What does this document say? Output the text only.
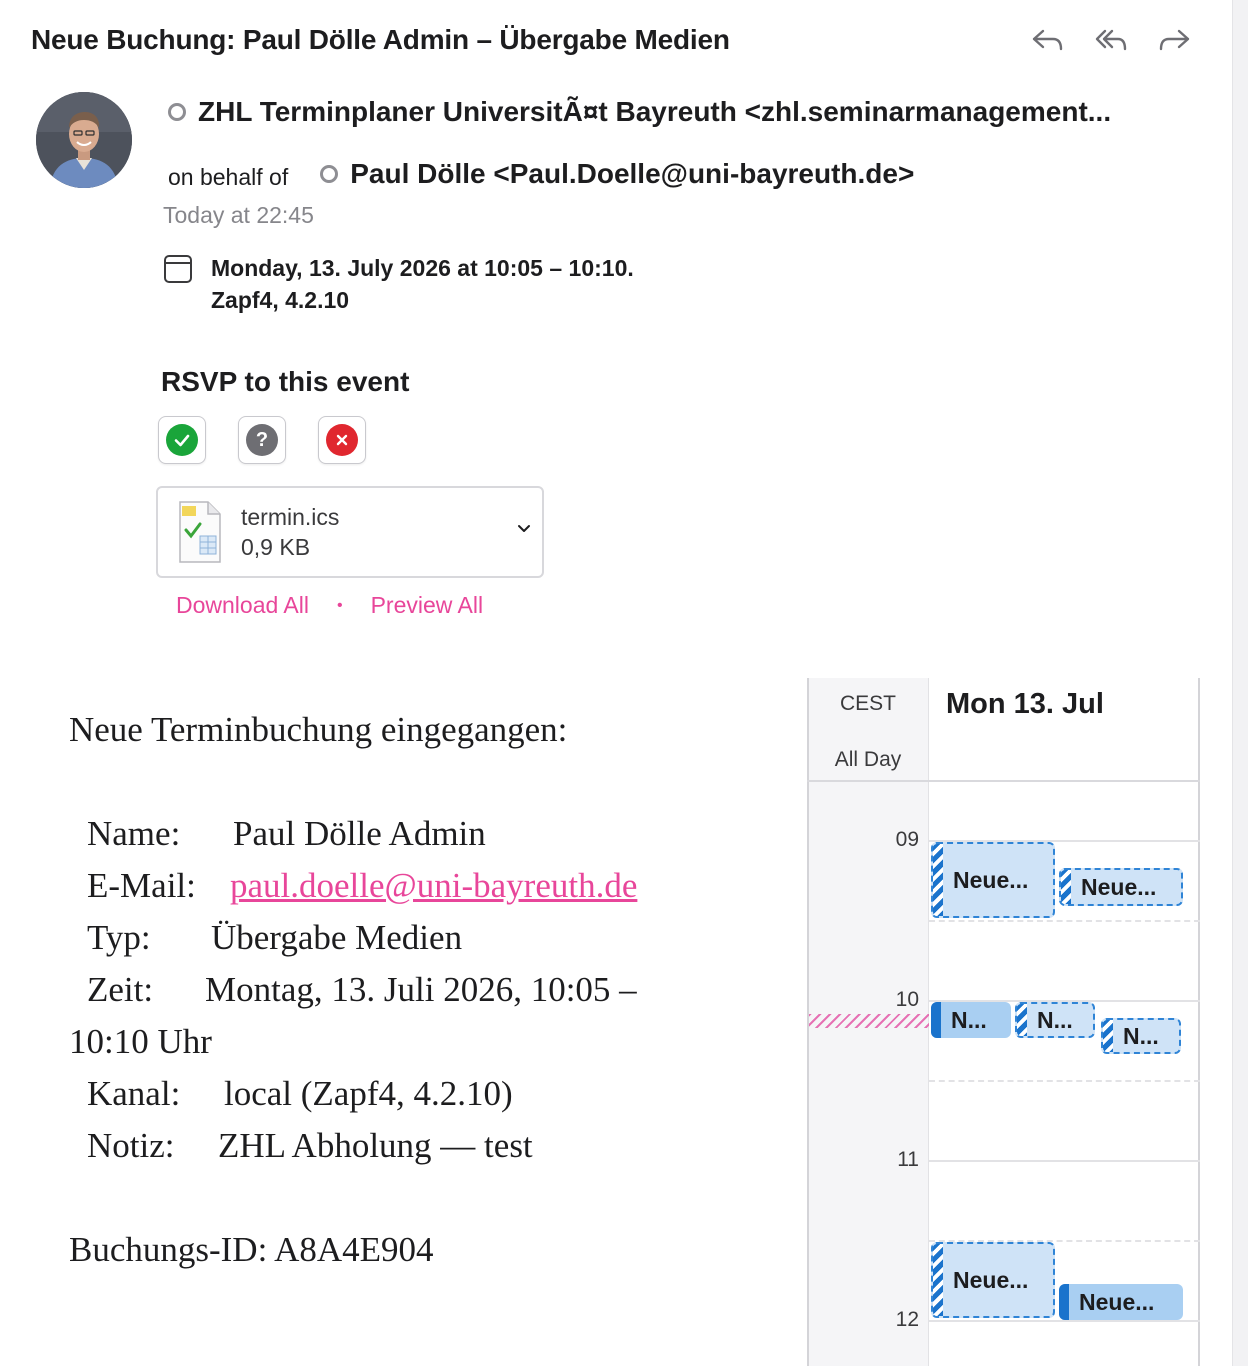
Neue Buchung: Paul Dölle Admin – Übergabe Medien
ZHL Terminplaner UniversitÃ¤t Bayreuth <zhl.seminarmanagement...
on behalf of Paul Dölle <Paul.Doelle@uni-bayreuth.de>
Today at 22:45
Monday, 13. July 2026 at 10:05 – 10:10.
Zapf4, 4.2.10
RSVP to this event
?
termin.ics
0,9 KB
Download All • Preview All
Neue Terminbuchung eingegangen:
Name: Paul Dölle Admin
E-Mail: paul.doelle@uni-bayreuth.de
Typ: Übergabe Medien
Zeit: Montag, 13. Juli 2026, 10:05 –
10:10 Uhr
Kanal: local (Zapf4, 4.2.10)
Notiz: ZHL Abholung — test
Buchungs-ID: A8A4E904
CEST
All Day
Mon 13. Jul
09
10
11
12
Neue... Neue...
N... N...
N...
Neue...
Neue...
